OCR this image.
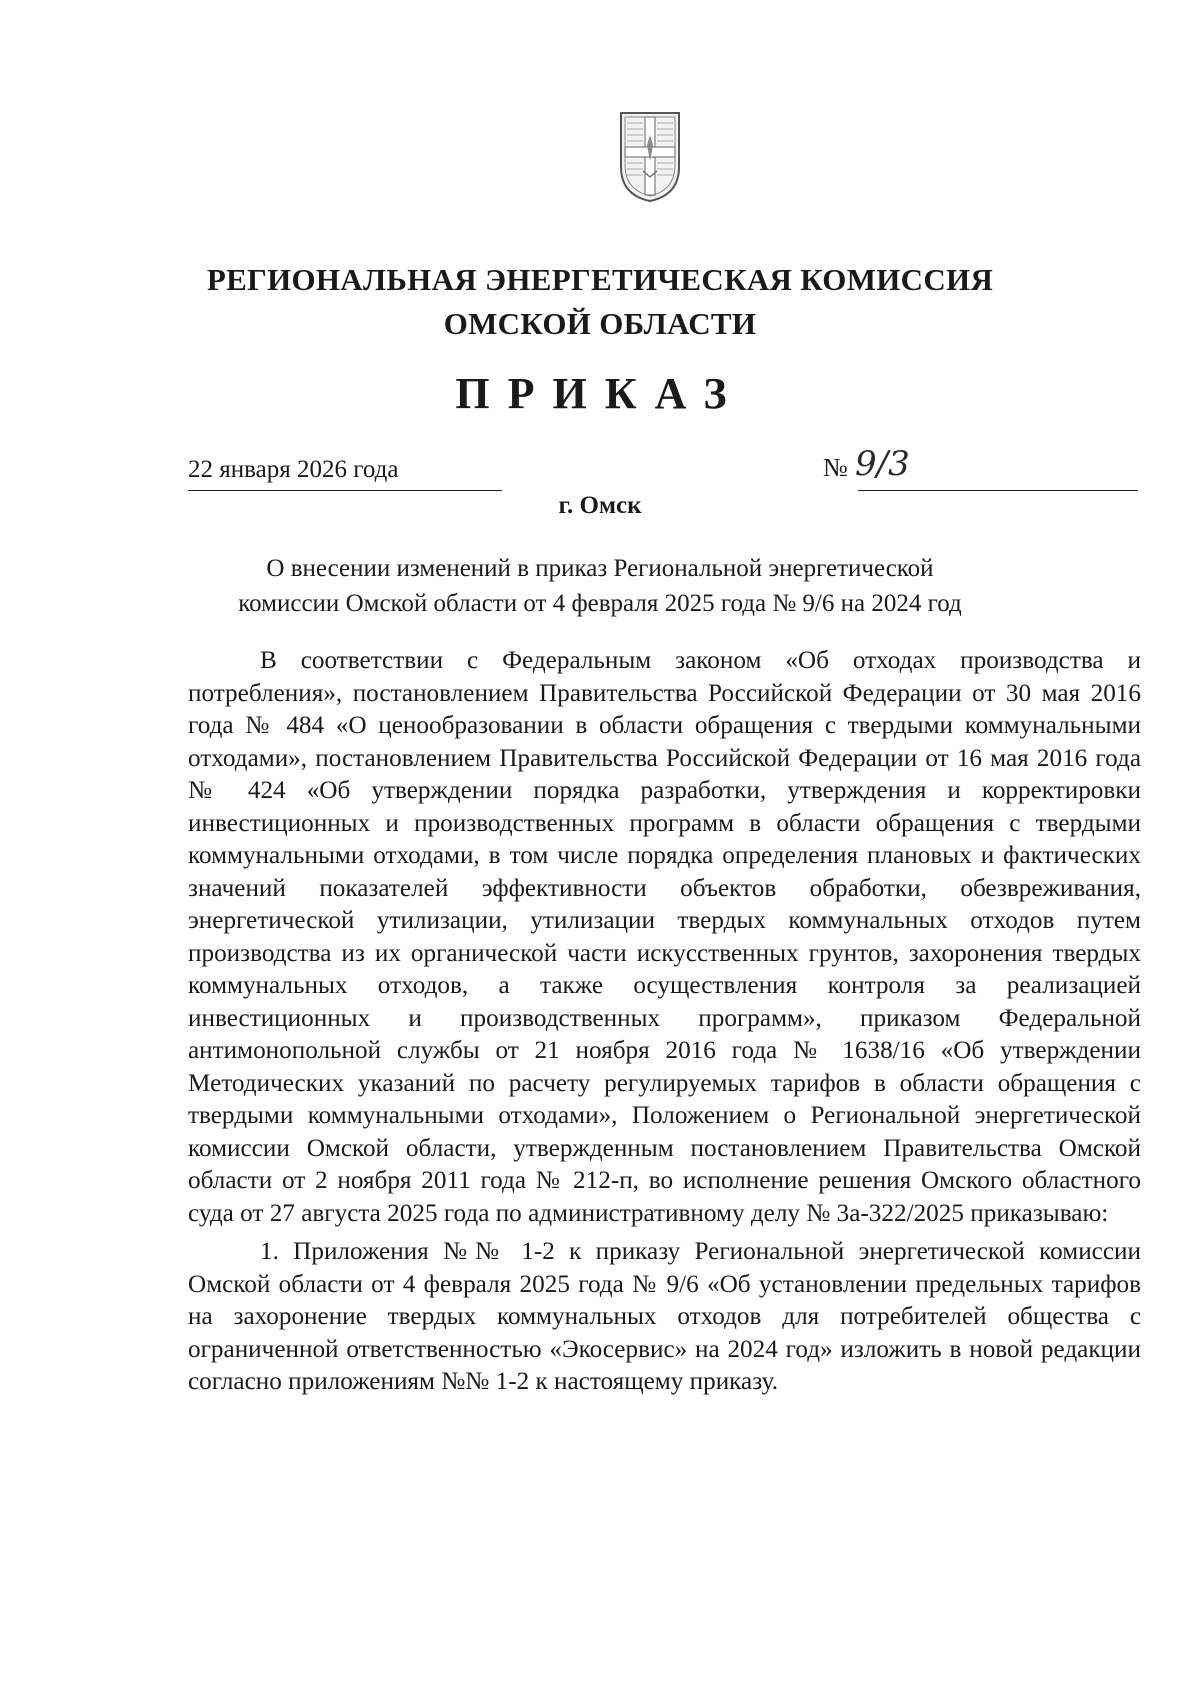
РЕГИОНАЛЬНАЯ ЭНЕРГЕТИЧЕСКАЯ КОМИССИЯ
ОМСКОЙ ОБЛАСТИ
ПРИКАЗ
22 января 2026 года	№ 9/3
г. Омск
О внесении изменений в приказ Региональной энергетической
комиссии Омской области от 4 февраля 2025 года № 9/6 на 2024 год

В соответствии с Федеральным законом «Об отходах производства и потребления», постановлением Правительства Российской Федерации от 30 мая 2016 года № 484 «О ценообразовании в области обращения с твердыми коммунальными отходами», постановлением Правительства Российской Федерации от 16 мая 2016 года № 424 «Об утверждении порядка разработки, утверждения и корректировки инвестиционных и производственных программ в области обращения с твердыми коммунальными отходами, в том числе порядка определения плановых и фактических значений показателей эффективности объектов обработки, обезвреживания, энергетической утилизации, утилизации твердых коммунальных отходов путем производства из их органической части искусственных грунтов, захоронения твердых коммунальных отходов, а также осуществления контроля за реализацией инвестиционных и производственных программ», приказом Федеральной антимонопольной службы от 21 ноября 2016 года № 1638/16 «Об утверждении Методических указаний по расчету регулируемых тарифов в области обращения с твердыми коммунальными отходами», Положением о Региональной энергетической комиссии Омской области, утвержденным постановлением Правительства Омской области от 2 ноября 2011 года № 212-п, во исполнение решения Омского областного суда от 27 августа 2025 года по административному делу № 3а-322/2025 приказываю:

1. Приложения №№ 1-2 к приказу Региональной энергетической комиссии Омской области от 4 февраля 2025 года № 9/6 «Об установлении предельных тарифов на захоронение твердых коммунальных отходов для потребителей общества с ограниченной ответственностью «Экосервис» на 2024 год» изложить в новой редакции согласно приложениям №№ 1-2 к настоящему приказу.
